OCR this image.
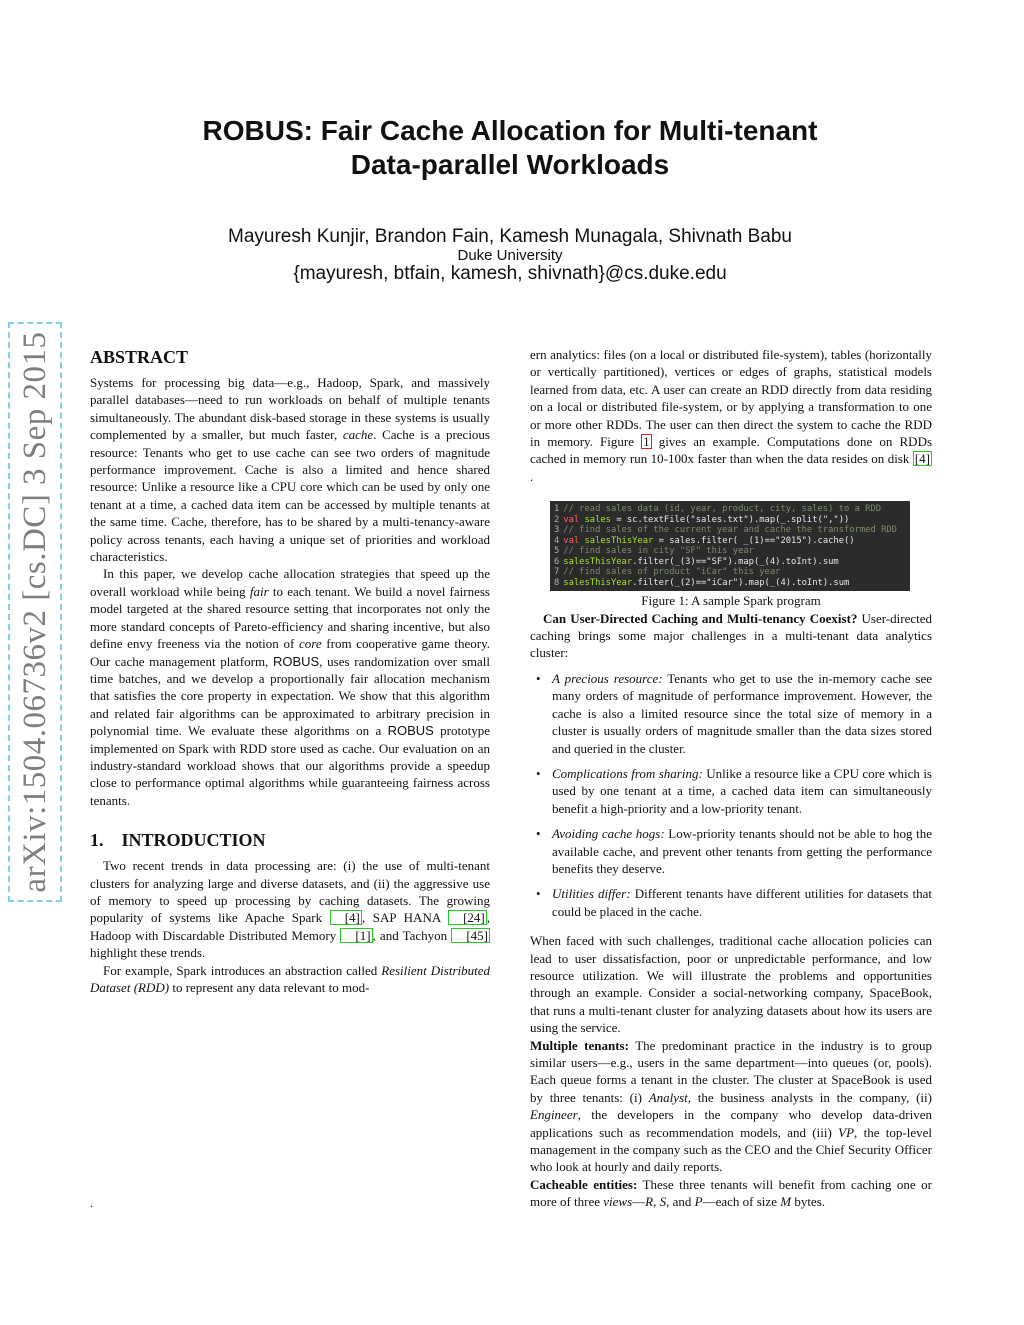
ROBUS: Fair Cache Allocation for Multi-tenant
Data-parallel Workloads
Mayuresh Kunjir, Brandon Fain, Kamesh Munagala, Shivnath Babu
Duke University
{mayuresh, btfain, kamesh, shivnath}@cs.duke.edu
arXiv:1504.06736v2 [cs.DC] 3 Sep 2015	ABSTRACT

Systems for processing big data—e.g., Hadoop, Spark, and massively parallel databases—need to run workloads on behalf of multiple tenants simultaneously. The abundant disk-based storage in these systems is usually complemented by a smaller, but much faster, cache. Cache is a precious resource: Tenants who get to use cache can see two orders of magnitude performance improvement. Cache is also a limited and hence shared resource: Unlike a resource like a CPU core which can be used by only one tenant at a time, a cached data item can be accessed by multiple tenants at the same time. Cache, therefore, has to be shared by a multi-tenancy-aware policy across tenants, each having a unique set of priorities and workload characteristics.

In this paper, we develop cache allocation strategies that speed up the overall workload while being fair to each tenant. We build a novel fairness model targeted at the shared resource setting that incorporates not only the more standard concepts of Pareto-efficiency and sharing incentive, but also define envy freeness via the notion of core from cooperative game theory. Our cache management platform, ROBUS, uses randomization over small time batches, and we develop a proportionally fair allocation mechanism that satisfies the core property in expectation. We show that this algorithm and related fair algorithms can be approximated to arbitrary precision in polynomial time. We evaluate these algorithms on a ROBUS prototype implemented on Spark with RDD store used as cache. Our evaluation on an industry-standard workload shows that our algorithms provide a speedup close to performance optimal algorithms while guaranteeing fairness across tenants.

1. INTRODUCTION

Two recent trends in data processing are: (i) the use of multi-tenant clusters for analyzing large and diverse datasets, and (ii) the aggressive use of memory to speed up processing by caching datasets. The growing popularity of systems like Apache Spark [4] , SAP HANA [24] , Hadoop with Discardable Distributed Memory [1] , and Tachyon [45] highlight these trends.

For example, Spark introduces an abstraction called Resilient Distributed Dataset (RDD) to represent any data relevant to mod-

ern analytics: files (on a local or distributed file-system), tables (horizontally or vertically partitioned), vertices or edges of graphs, statistical models learned from data, etc. A user can create an RDD directly from data residing on a local or distributed file-system, or by applying a transformation to one or more other RDDs. The user can then direct the system to cache the RDD in memory. Figure 1 gives an example. Computations done on RDDs cached in memory run 10-100x faster than when the data resides on disk [4].

1 // read sales data (id, year, product, city, sales) to a RDD
2 val sales = sc.textFile("sales.txt").map(_.split(","))
3 // find sales of the current year and cache the transformed RDD
4 val salesThisYear = sales.filter( _(1)=="2015").cache()
5 // find sales in city "SF" this year
6 salesThisYear.filter(_(3)=="SF").map(_(4).toInt).sum
7 // find sales of product "iCar" this year
8 salesThisYear.filter(_(2)=="iCar").map(_(4).toInt).sum
Figure 1: A sample Spark program

Can User-Directed Caching and Multi-tenancy Coexist? User-directed caching brings some major challenges in a multi-tenant data analytics cluster:

• A precious resource: Tenants who get to use the in-memory cache see many orders of magnitude of performance improvement. However, the cache is also a limited resource since the total size of memory in a cluster is usually orders of magnitude smaller than the data sizes stored and queried in the cluster.
• Complications from sharing: Unlike a resource like a CPU core which is used by one tenant at a time, a cached data item can simultaneously benefit a high-priority and a low-priority tenant.
• Avoiding cache hogs: Low-priority tenants should not be able to hog the available cache, and prevent other tenants from getting the performance benefits they deserve.
• Utilities differ: Different tenants have different utilities for datasets that could be placed in the cache.

When faced with such challenges, traditional cache allocation policies can lead to user dissatisfaction, poor or unpredictable performance, and low resource utilization. We will illustrate the problems and opportunities through an example. Consider a social-networking company, SpaceBook, that runs a multi-tenant cluster for analyzing datasets about how its users are using the service.

Multiple tenants: The predominant practice in the industry is to group similar users—e.g., users in the same department—into queues (or, pools). Each queue forms a tenant in the cluster. The cluster at SpaceBook is used by three tenants: (i) Analyst, the business analysts in the company, (ii) Engineer, the developers in the company who develop data-driven applications such as recommendation models, and (iii) VP, the top-level management in the company such as the CEO and the Chief Security Officer who look at hourly and daily reports.

Cacheable entities: These three tenants will benefit from caching one or more of three views—R, S, and P—each of size M bytes.

.
